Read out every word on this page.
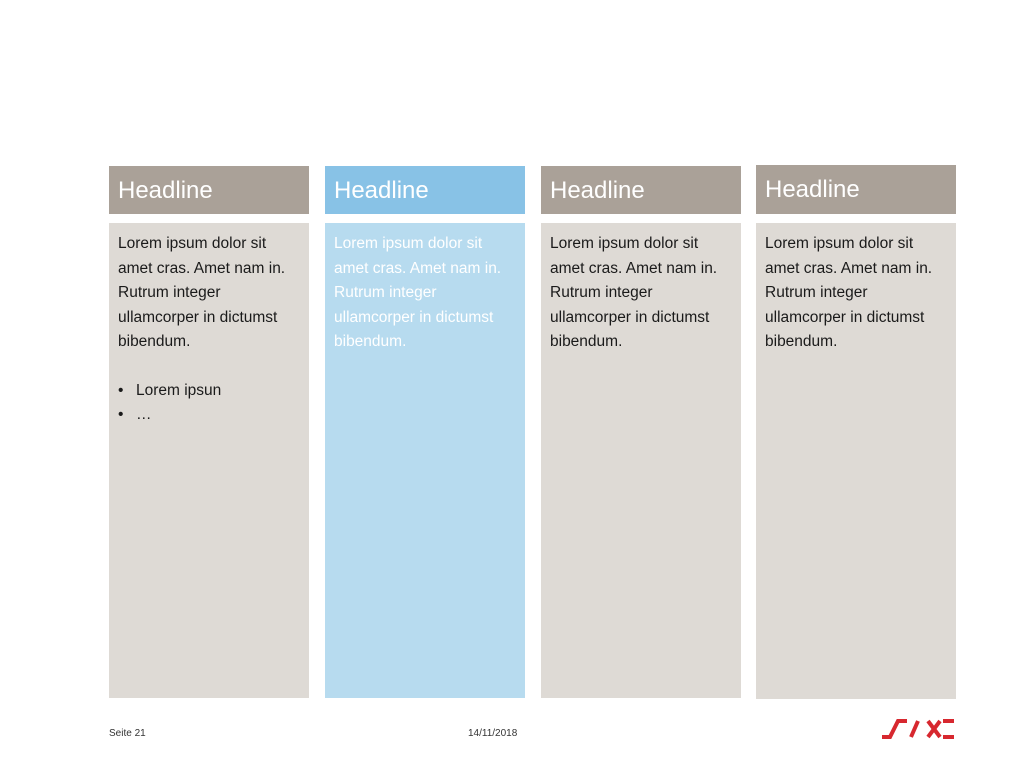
Headline

Lorem ipsum dolor sit amet cras. Amet nam in. Rutrum integer ullamcorper in dictumst bibendum.

• Lorem ipsun
• …
Headline

Lorem ipsum dolor sit amet cras. Amet nam in. Rutrum integer ullamcorper in dictumst bibendum.

Headline

Lorem ipsum dolor sit amet cras. Amet nam in. Rutrum integer ullamcorper in dictumst bibendum.

Headline

Lorem ipsum dolor sit amet cras. Amet nam in. Rutrum integer ullamcorper in dictumst bibendum.

Seite 21	14/11/2018
